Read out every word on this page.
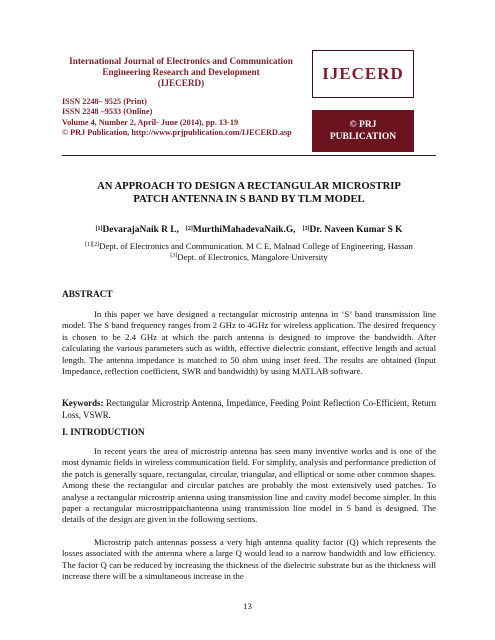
International Journal of Electronics and Communication
Engineering Research and Development
(IJECERD)
ISSN 2248– 9525 (Print)
ISSN 2248 –9533 (Online)
Volume 4, Number 2, April- June (2014), pp. 13-19
© PRJ Publication, http://www.prjpublication.com/IJECERD.asp
IJECERD
© PRJ
PUBLICATION
AN APPROACH TO DESIGN A RECTANGULAR MICROSTRIP
PATCH ANTENNA IN S BAND BY TLM MODEL
[1]DevarajaNaik R L, [2]MurthiMahadevaNaik.G, [3]Dr. Naveen Kumar S K
[1][2]Dept. of Electronics and Communication. M C E, Malnad College of Engineering, Hassan
[3]Dept. of Electronics, Mangalore University
ABSTRACT

In this paper we have designed a rectangular microstrip antenna in ‘S’ band transmission line model. The S band frequency ranges from 2 GHz to 4GHz for wireless application. The desired frequency is chosen to be 2.4 GHz at which the patch antenna is designed to improve the bandwidth. After calculating the various parameters such as width, effective dielectric constant, effective length and actual length. The antenna impedance is matched to 50 ohm using inset feed. The results are obtained (Input Impedance, reflection coefficient, SWR and bandwidth) by using MATLAB software.

Keywords: Rectangular Microstrip Antenna, Impedance, Feeding Point Reflection Co-Efficient, Return Loss, VSWR.

I. INTRODUCTION

In recent years the area of microstrip antenna has seen many inventive works and is one of the most dynamic fields in wireless communication field. For simplify, analysis and performance prediction of the patch is generally square, rectangular, circular, triangular, and elliptical or some other common shapes. Among these the rectangular and circular patches are probably the most extensively used patches. To analyse a rectangular microstrip antenna using transmission line and cavity model become simpler. In this paper a rectangular microstrippatchantenna using transmission line model in S band is designed. The details of the design are given in the following sections.

Microstrip patch antennas possess a very high antenna quality factor (Q) which represents the losses associated with the antenna where a large Q would lead to a narrow bandwidth and low efficiency. The factor Q can be reduced by increasing the thickness of the dielectric substrate but as the thickness will increase there will be a simultaneous increase in the

13
